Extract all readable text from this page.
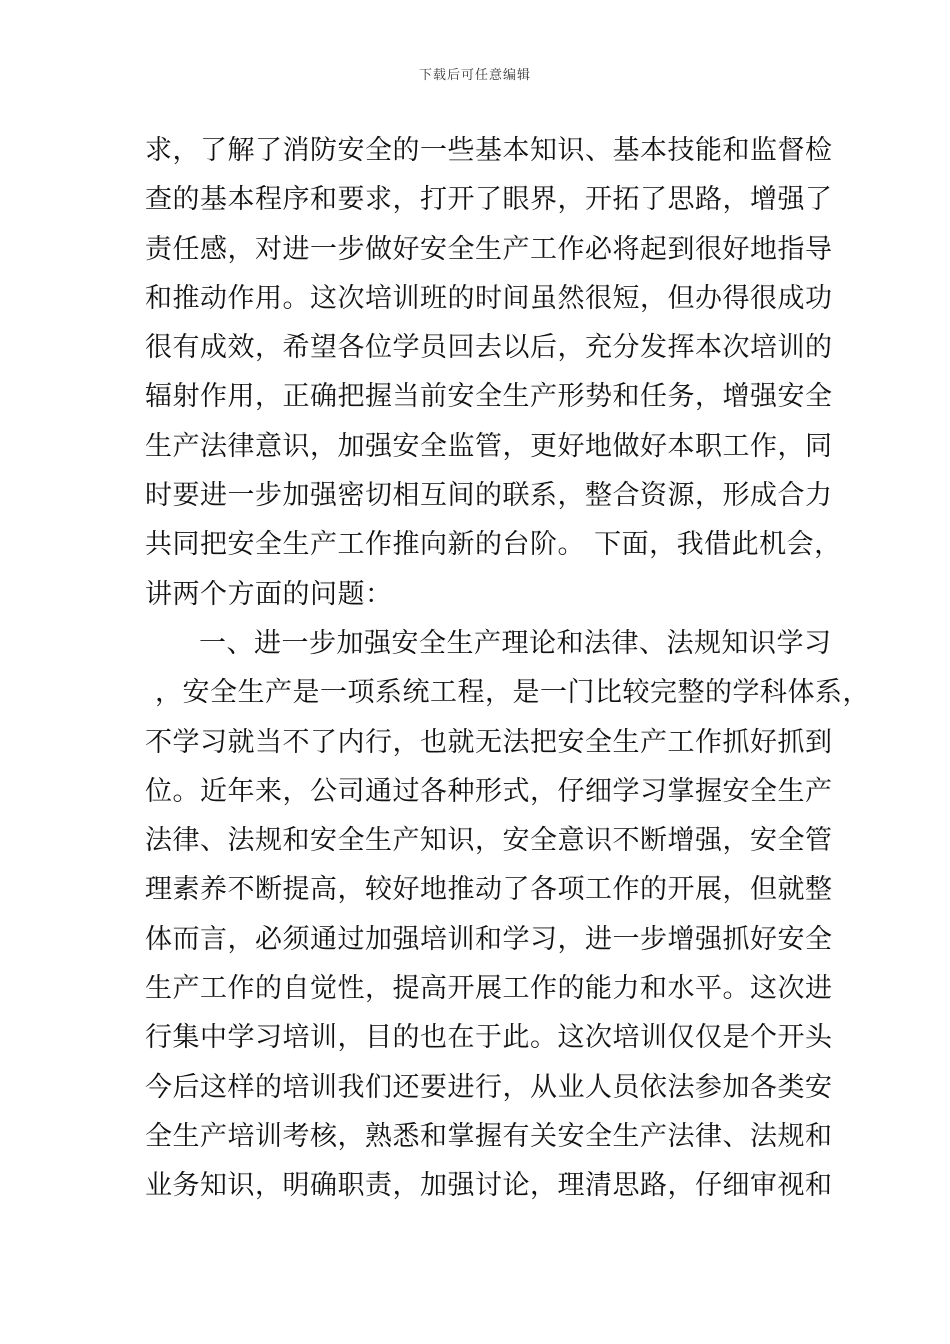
下载后可任意编辑
求，了解了消防安全的一些基本知识、基本技能和监督检
查的基本程序和要求，打开了眼界，开拓了思路，增强了
责任感，对进一步做好安全生产工作必将起到很好地指导
和推动作用。这次培训班的时间虽然很短，但办得很成功
很有成效，希望各位学员回去以后，充分发挥本次培训的
辐射作用，正确把握当前安全生产形势和任务，增强安全
生产法律意识，加强安全监管，更好地做好本职工作，同
时要进一步加强密切相互间的联系，整合资源，形成合力
共同把安全生产工作推向新的台阶。 下面，我借此机会，
讲两个方面的问题：
一、进一步加强安全生产理论和法律、法规知识学习
，安全生产是一项系统工程，是一门比较完整的学科体系，
不学习就当不了内行，也就无法把安全生产工作抓好抓到
位。近年来，公司通过各种形式，仔细学习掌握安全生产
法律、法规和安全生产知识，安全意识不断增强，安全管
理素养不断提高，较好地推动了各项工作的开展，但就整
体而言，必须通过加强培训和学习，进一步增强抓好安全
生产工作的自觉性，提高开展工作的能力和水平。这次进
行集中学习培训，目的也在于此。这次培训仅仅是个开头
今后这样的培训我们还要进行，从业人员依法参加各类安
全生产培训考核，熟悉和掌握有关安全生产法律、法规和
业务知识，明确职责，加强讨论，理清思路，仔细审视和
